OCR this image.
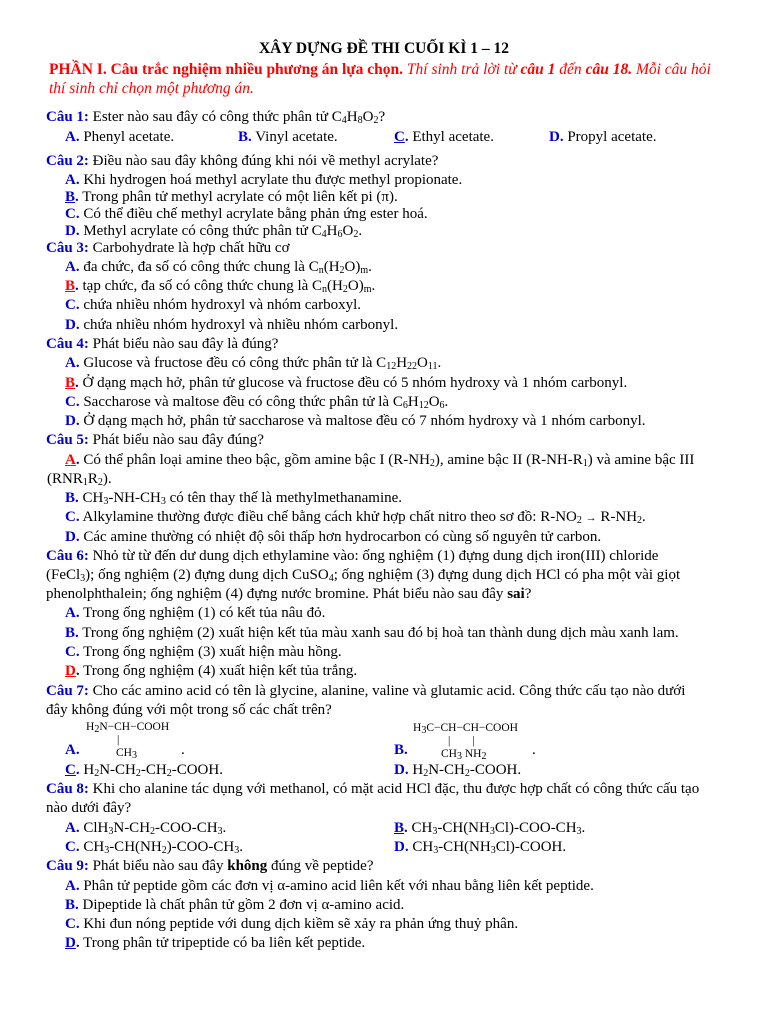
XÂY DỰNG ĐỀ THI CUỐI KÌ 1 – 12
PHẦN I. Câu trắc nghiệm nhiều phương án lựa chọn. Thí sinh trả lời từ câu 1 đến câu 18. Mỗi câu hỏi thí sinh chỉ chọn một phương án.
Câu 1: Ester nào sau đây có công thức phân tử $C_4H_8O_2$?
A. Phenyl acetate.	B. Vinyl acetate.	C. Ethyl acetate.	D. Propyl acetate.
Câu 2: Điều nào sau đây không đúng khi nói về methyl acrylate?
A. Khi hydrogen hoá methyl acrylate thu được methyl propionate.
B. Trong phân tử methyl acrylate có một liên kết pi (π).
C. Có thể điều chế methyl acrylate bằng phản ứng ester hoá.
D. Methyl acrylate có công thức phân tử $C_4H_6O_2$.
Câu 3: Carbohydrate là hợp chất hữu cơ
A. đa chức, đa số có công thức chung là $C_n(H_2O)_m$.
B. tạp chức, đa số có công thức chung là $C_n(H_2O)_m$.
C. chứa nhiều nhóm hydroxyl và nhóm carboxyl.
D. chứa nhiều nhóm hydroxyl và nhiều nhóm carbonyl.
Câu 4: Phát biểu nào sau đây là đúng?
A. Glucose và fructose đều có công thức phân tử là $C_{12}H_{22}O_{11}$.
B. Ở dạng mạch hở, phân tử glucose và fructose đều có 5 nhóm hydroxy và 1 nhóm carbonyl.
C. Saccharose và maltose đều có công thức phân tử là $C_6H_{12}O_6$.
D. Ở dạng mạch hở, phân tử saccharose và maltose đều có 7 nhóm hydroxy và 1 nhóm carbonyl.
Câu 5: Phát biểu nào sau đây đúng?
A. Có thể phân loại amine theo bậc, gồm amine bậc I $(R-NH_2)$, amine bậc II $(R-NH-R_1)$ và amine bậc III
$(RNR_1R_2)$.
B. $CH_3-NH-CH_3$ có tên thay thế là methylmethanamine.
C. Alkylamine thường được điều chế bằng cách khử hợp chất nitro theo sơ đồ: $R-NO_2 \to R-NH_2$.
D. Các amine thường có nhiệt độ sôi thấp hơn hydrocarbon có cùng số nguyên tử carbon.
Câu 6: Nhỏ từ từ đến dư dung dịch ethylamine vào: ống nghiệm (1) đựng dung dịch iron(III) chloride
(FeCl$_3$); ống nghiệm (2) đựng dung dịch CuSO$_4$; ống nghiệm (3) đựng dung dịch HCl có pha một vài giọt
phenolphthalein; ống nghiệm (4) đựng nước bromine. Phát biểu nào sau đây sai?
A. Trong ống nghiệm (1) có kết tủa nâu đỏ.
B. Trong ống nghiệm (2) xuất hiện kết tủa màu xanh sau đó bị hoà tan thành dung dịch màu xanh lam.
C. Trong ống nghiệm (3) xuất hiện màu hồng.
D. Trong ống nghiệm (4) xuất hiện kết tủa trắng.
Câu 7: Cho các amino acid có tên là glycine, alanine, valine và glutamic acid. Công thức cấu tạo nào dưới
đây không đúng với một trong số các chất trên?
$H_2N-CH-COOH$
|
$CH_3$
A.	.
$H_3C-CH-CH-COOH$
| |
$CH_3$ $NH_2$
B.	.
C. $H_2N-CH_2-CH_2$-COOH.	D. $H_2N-CH_2$-COOH.
Câu 8: Khi cho alanine tác dụng với methanol, có mặt acid HCl đặc, thu được hợp chất có công thức cấu tạo
nào dưới đây?
A. $ClH_3N-CH_2-COO-CH_3$.	B. $CH_3-CH(NH_3Cl)-COO-CH_3$.
C. $CH_3-CH(NH_2)-COO-CH_3$.	D. $CH_3-CH(NH_3Cl)$-COOH.
Câu 9: Phát biểu nào sau đây không đúng về peptide?
A. Phân tử peptide gồm các đơn vị α-amino acid liên kết với nhau bằng liên kết peptide.
B. Dipeptide là chất phân tử gồm 2 đơn vị α-amino acid.
C. Khi đun nóng peptide với dung dịch kiềm sẽ xảy ra phản ứng thuỷ phân.
D. Trong phân tử tripeptide có ba liên kết peptide.
